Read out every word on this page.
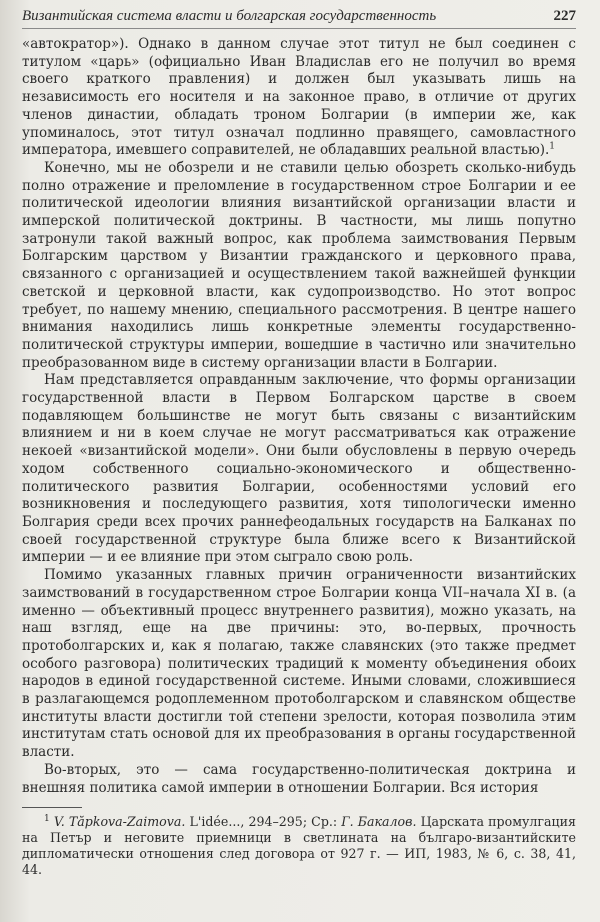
Византийская система власти и болгарская государственность	227

«автократор»). Однако в данном случае этот титул не был соединен с титулом «царь» (официально Иван Владислав его не получил во время своего краткого правления) и должен был указывать лишь на независимость его носителя и на законное право, в отличие от других членов династии, обладать троном Болгарии (в империи же, как упоминалось, этот титул означал подлинно правящего, самовластного императора, имевшего соправителей, не обладавших реальной властью).$^1$

Конечно, мы не обозрели и не ставили целью обозреть сколько-нибудь полно отражение и преломление в государственном строе Болгарии и ее политической идеологии влияния византийской организации власти и имперской политической доктрины. В частности, мы лишь попутно затронули такой важный вопрос, как проблема заимствования Первым Болгарским царством у Византии гражданского и церковного права, связанного с организацией и осуществлением такой важнейшей функции светской и церковной власти, как судопроизводство. Но этот вопрос требует, по нашему мнению, специального рассмотрения. В центре нашего внимания находились лишь конкретные элементы государственно-политической структуры империи, вошедшие в частично или значительно преобразованном виде в систему организации власти в Болгарии.

Нам представляется оправданным заключение, что формы организации государственной власти в Первом Болгарском царстве в своем подавляющем большинстве не могут быть связаны с византийским влиянием и ни в коем случае не могут рассматриваться как отражение некоей «византийской модели». Они были обусловлены в первую очередь ходом собственного социально-экономического и общественно-политического развития Болгарии, особенностями условий его возникновения и последующего развития, хотя типологически именно Болгария среди всех прочих раннефеодальных государств на Балканах по своей государственной структуре была ближе всего к Византийской империи — и ее влияние при этом сыграло свою роль.

Помимо указанных главных причин ограниченности византийских заимствований в государственном строе Болгарии конца VII–начала XI в. (а именно — объективный процесс внутреннего развития), можно указать, на наш взгляд, еще на две причины: это, во-первых, прочность протоболгарских и, как я полагаю, также славянских (это также предмет особого разговора) политических традиций к моменту объединения обоих народов в единой государственной системе. Иными словами, сложившиеся в разлагающемся родоплеменном протоболгарском и славянском обществе институты власти достигли той степени зрелости, которая позволила этим институтам стать основой для их преобразования в органы государственной власти.

Во-вторых, это — сама государственно-политическая доктрина и внешняя политика самой империи в отношении Болгарии. Вся история

$^1$ V. Tăpkova-Zaimova. L'idée..., 294–295; Ср.: Г. Бакалов. Царската промулгация на Петър и неговите приемници в светлината на българо-византийските дипломатически отношения след договора от 927 г. — ИП, 1983, № 6, с. 38, 41, 44.
